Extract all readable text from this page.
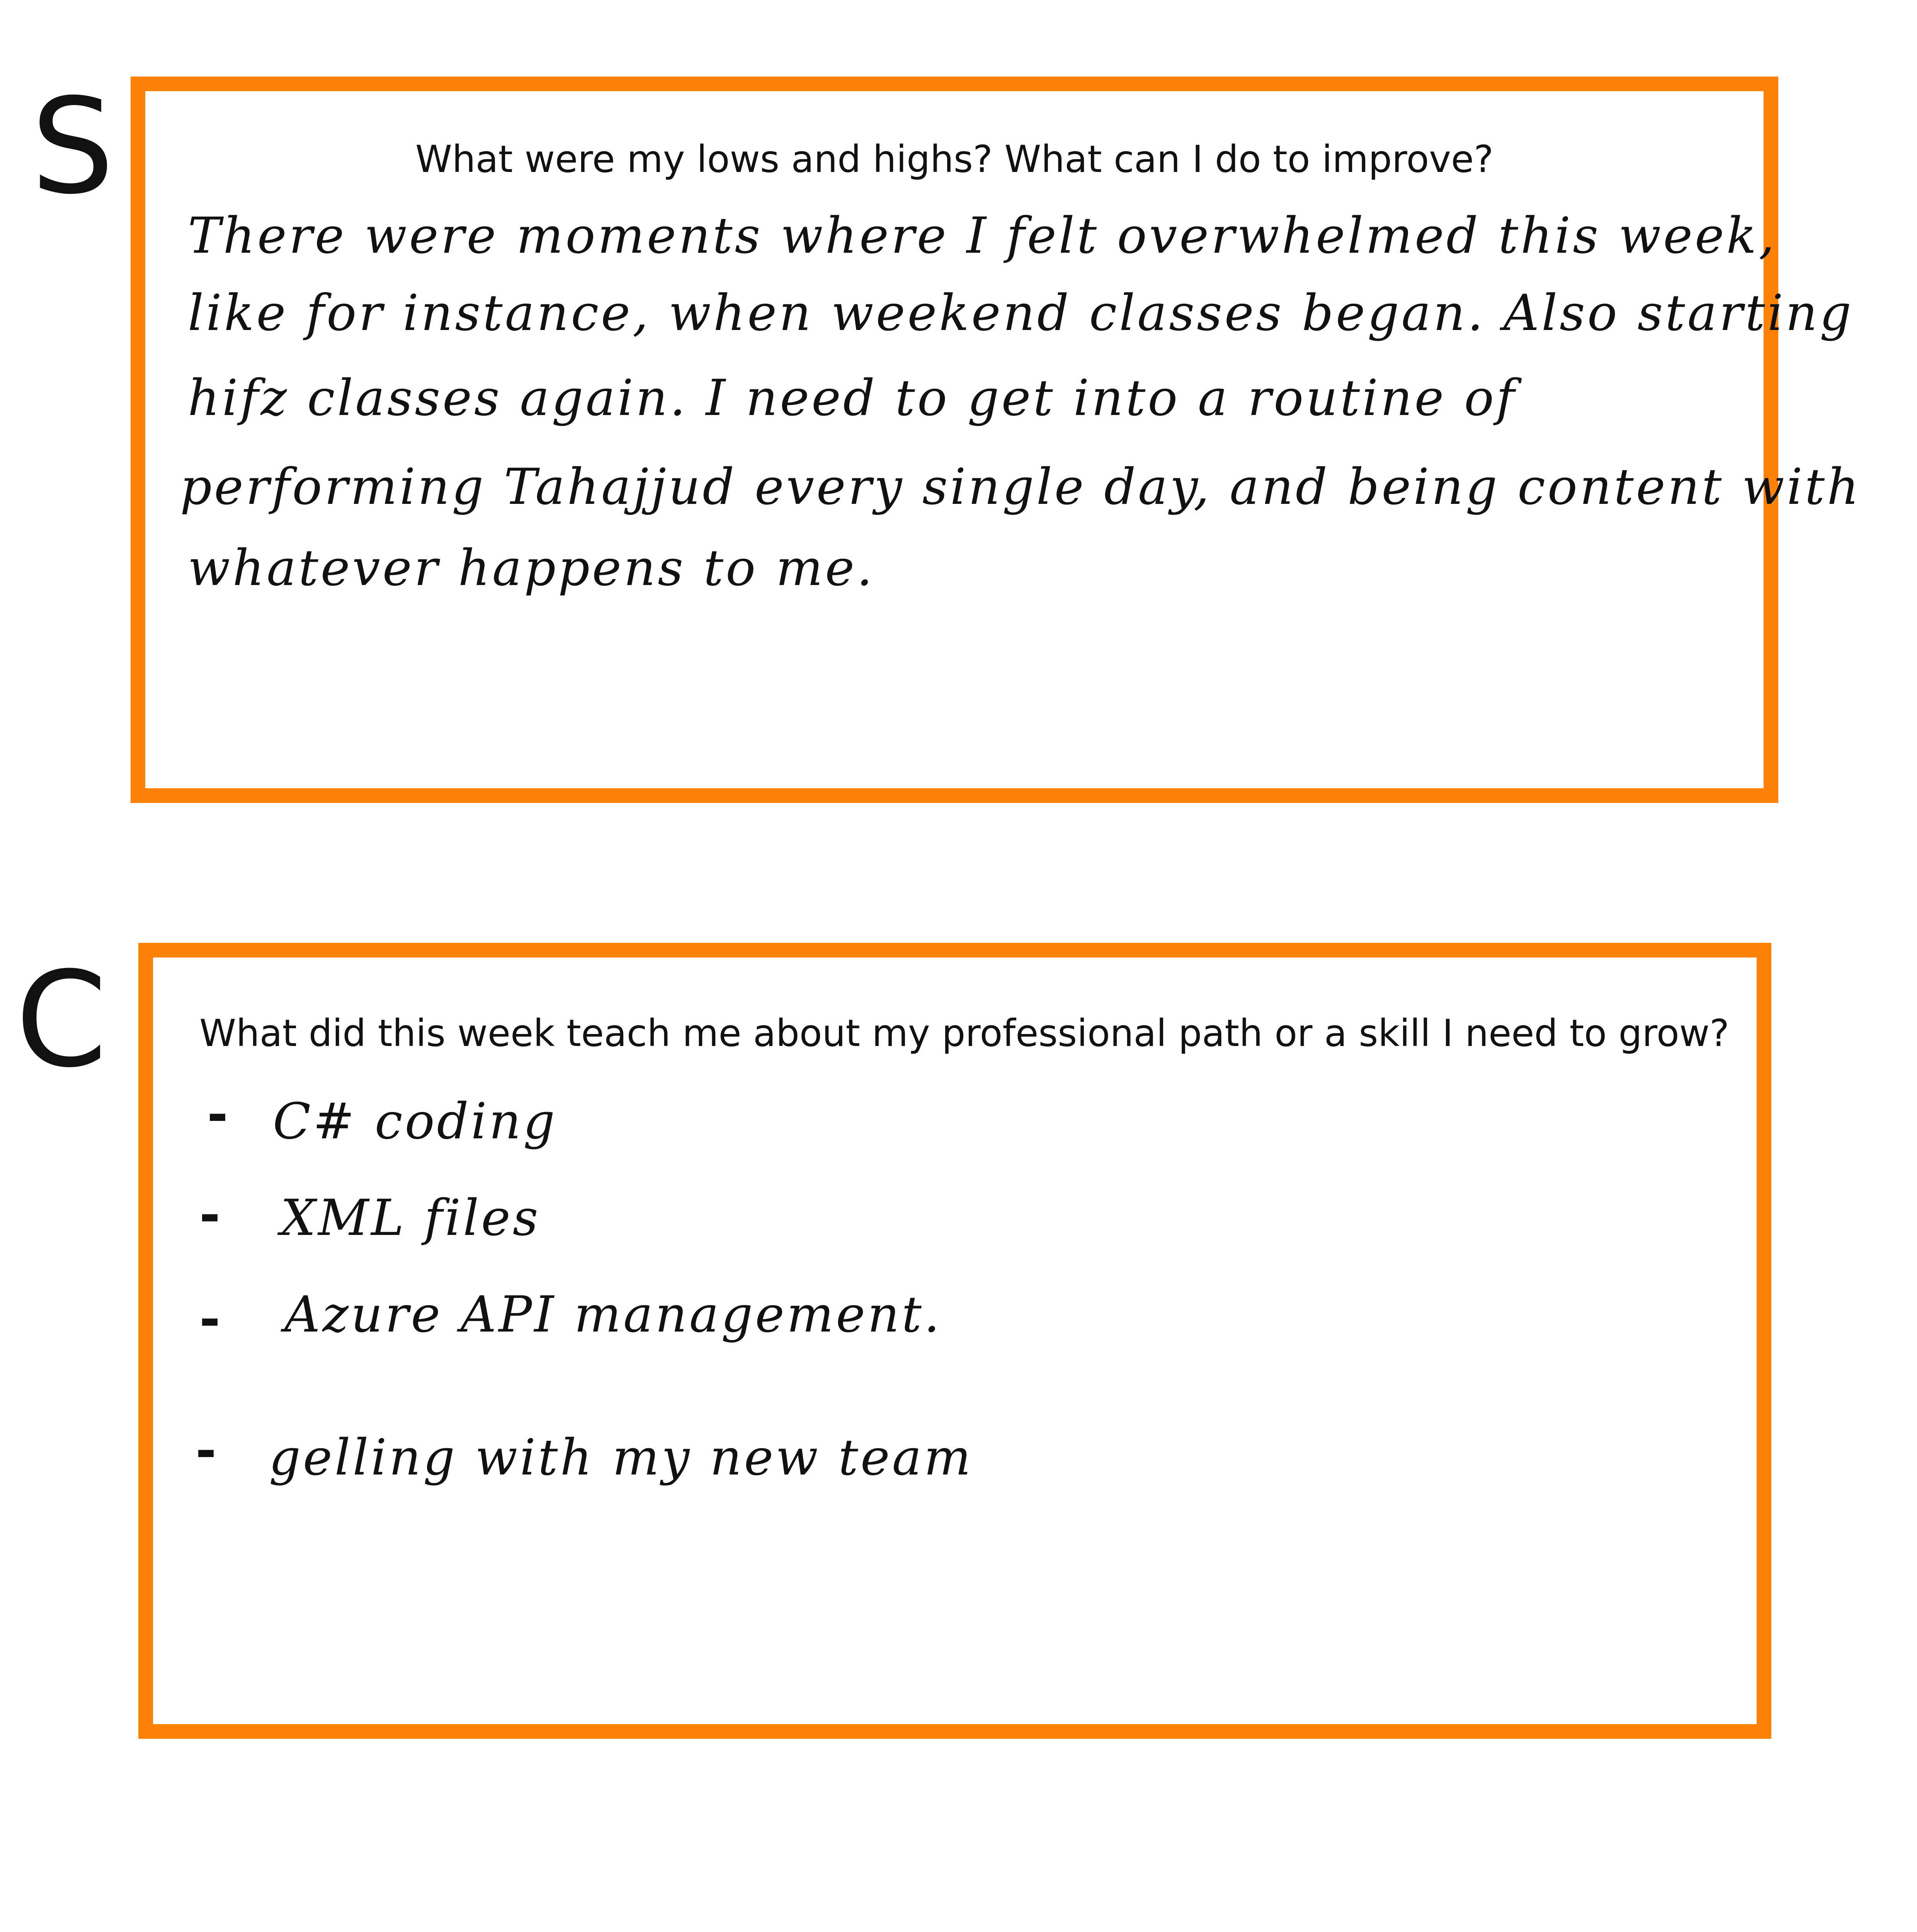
S	What were my lows and highs? What can I do to improve?
There were moments where I felt overwhelmed this week,
like for instance, when weekend classes began. Also starting
hifz classes again. I need to get into a routine of
performing Tahajjud every single day, and being content with
whatever happens to me.
C What did this week teach me about my professional path or a skill I need to grow?
- C# coding
- XML files
- Azure API management.
- gelling with my new team
